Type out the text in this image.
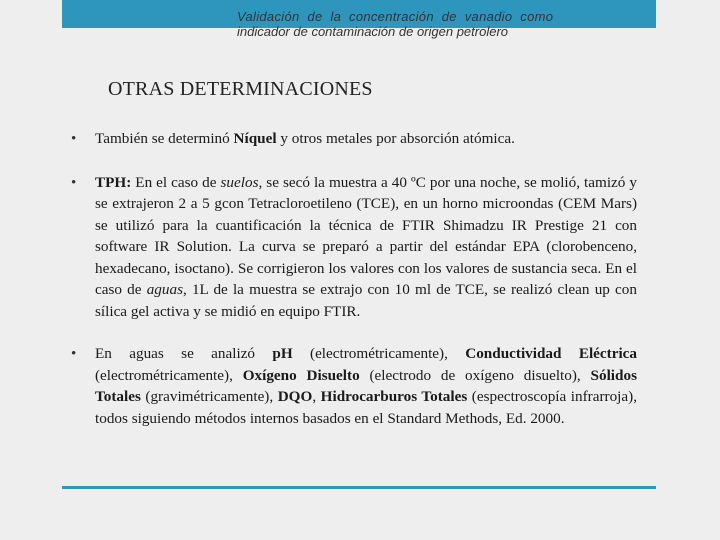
Validación de la concentración de vanadio como
indicador de contaminación de origen petrolero
OTRAS DETERMINACIONES
• También se determinó Níquel y otros metales por absorción atómica.
• TPH: En el caso de suelos, se secó la muestra a 40 ºC por una noche, se molió, tamizó y se extrajeron 2 a 5 gcon Tetracloroetileno (TCE), en un horno microondas (CEM Mars) se utilizó para la cuantificación la técnica de FTIR Shimadzu IR Prestige 21 con software IR Solution. La curva se preparó a partir del estándar EPA (clorobenceno, hexadecano, isoctano). Se corrigieron los valores con los valores de sustancia seca. En el caso de aguas, 1L de la muestra se extrajo con 10 ml de TCE, se realizó clean up con sílica gel activa y se midió en equipo FTIR.
• En aguas se analizó pH (electrométricamente), Conductividad Eléctrica (electrométricamente), Oxígeno Disuelto (electrodo de oxígeno disuelto), Sólidos Totales (gravimétricamente), DQO, Hidrocarburos Totales (espectroscopía infrarroja), todos siguiendo métodos internos basados en el Standard Methods, Ed. 2000.
